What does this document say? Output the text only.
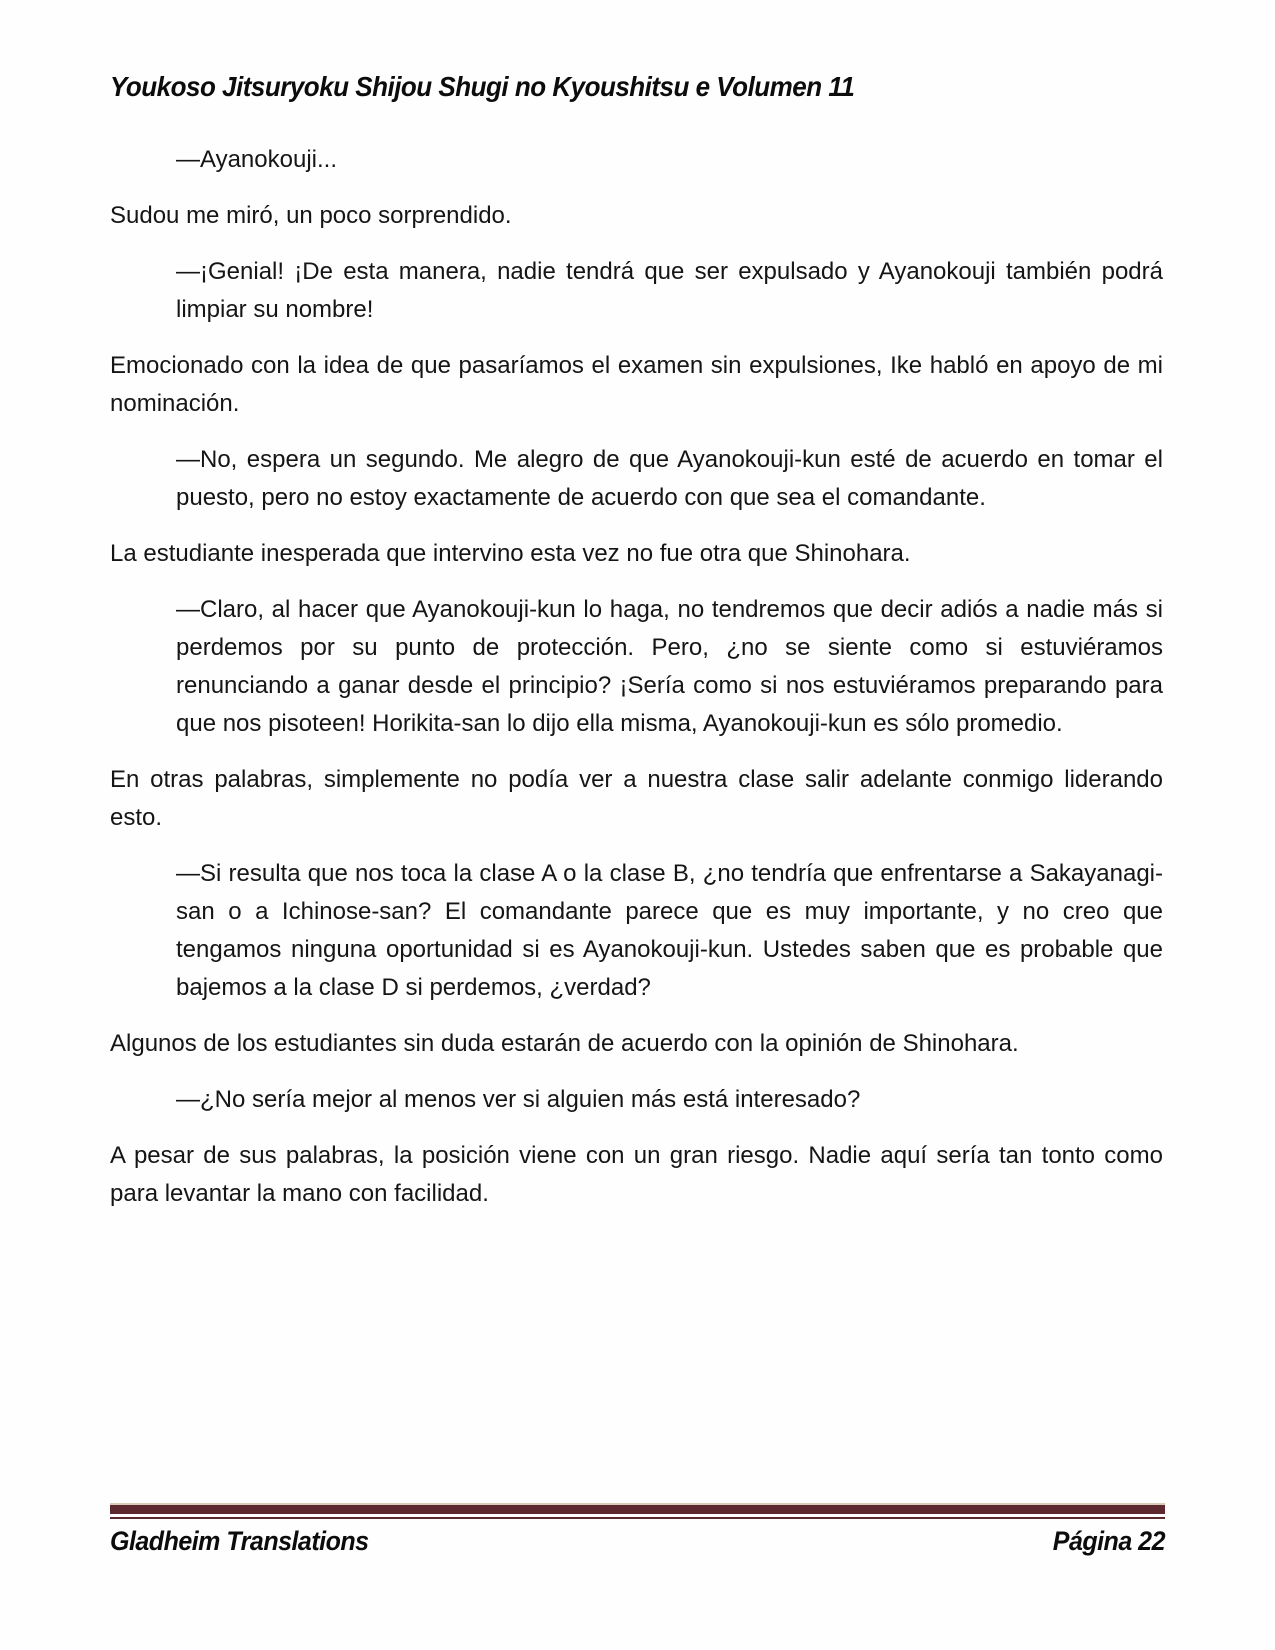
Youkoso Jitsuryoku Shijou Shugi no Kyoushitsu e Volumen 11

—Ayanokouji...

Sudou me miró, un poco sorprendido.

—¡Genial! ¡De esta manera, nadie tendrá que ser expulsado y Ayanokouji también podrá limpiar su nombre!

Emocionado con la idea de que pasaríamos el examen sin expulsiones, Ike habló en apoyo de mi nominación.

—No, espera un segundo. Me alegro de que Ayanokouji-kun esté de acuerdo en tomar el puesto, pero no estoy exactamente de acuerdo con que sea el comandante.

La estudiante inesperada que intervino esta vez no fue otra que Shinohara.

—Claro, al hacer que Ayanokouji-kun lo haga, no tendremos que decir adiós a nadie más si perdemos por su punto de protección. Pero, ¿no se siente como si estuviéramos renunciando a ganar desde el principio? ¡Sería como si nos estuviéramos preparando para que nos pisoteen! Horikita-san lo dijo ella misma, Ayanokouji-kun es sólo promedio.

En otras palabras, simplemente no podía ver a nuestra clase salir adelante conmigo liderando esto.

—Si resulta que nos toca la clase A o la clase B, ¿no tendría que enfrentarse a Sakayanagi-san o a Ichinose-san? El comandante parece que es muy importante, y no creo que tengamos ninguna oportunidad si es Ayanokouji-kun. Ustedes saben que es probable que bajemos a la clase D si perdemos, ¿verdad?

Algunos de los estudiantes sin duda estarán de acuerdo con la opinión de Shinohara.

—¿No sería mejor al menos ver si alguien más está interesado?

A pesar de sus palabras, la posición viene con un gran riesgo. Nadie aquí sería tan tonto como para levantar la mano con facilidad.

Gladheim Translations	Página 22
